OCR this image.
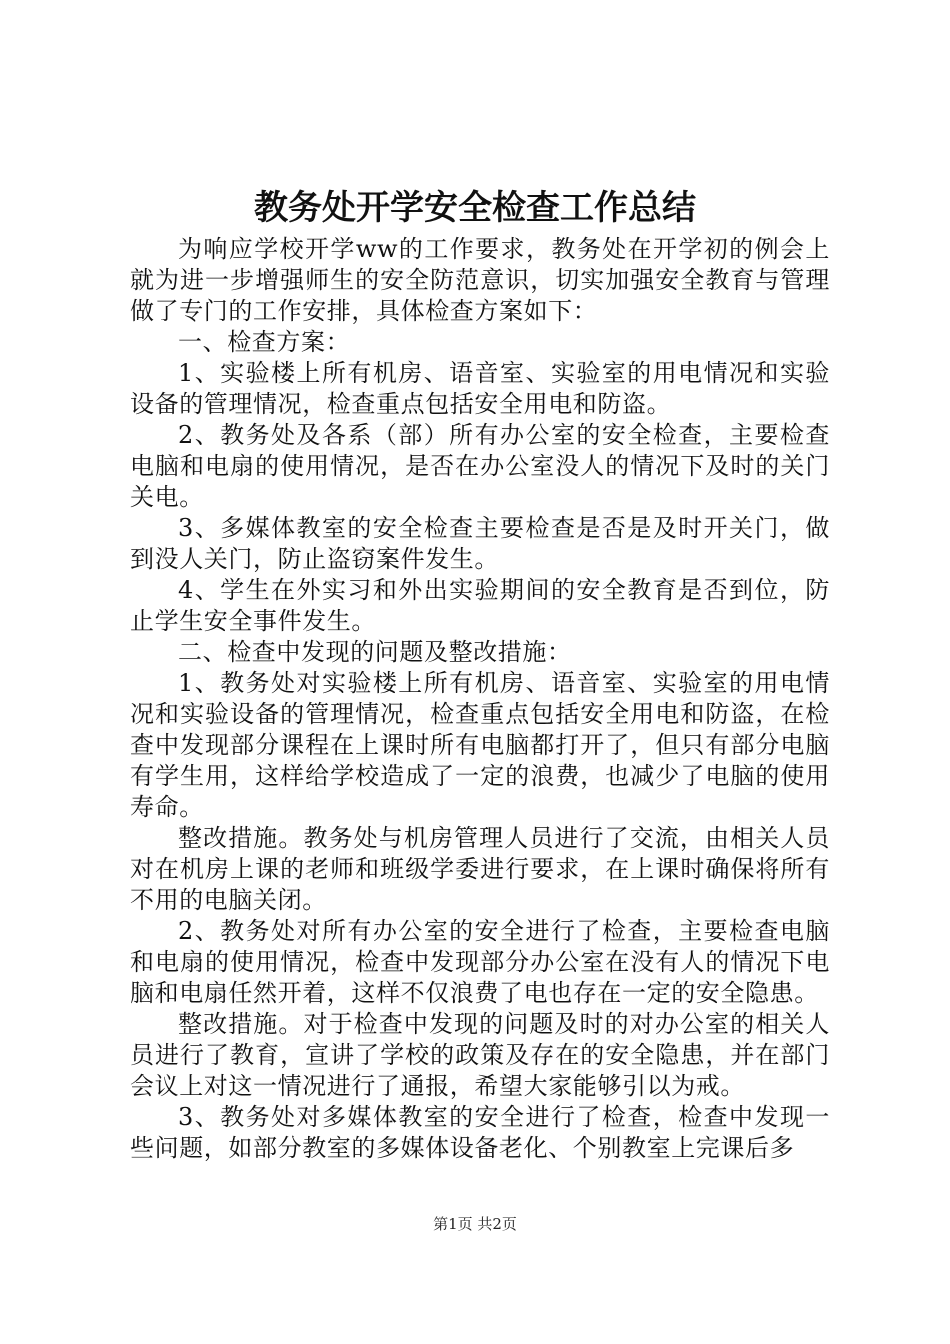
教务处开学安全检查工作总结

为响应学校开学ww的工作要求，教务处在开学初的例会上就为进一步增强师生的安全防范意识，切实加强安全教育与管理做了专门的工作安排，具体检查方案如下：

一、检查方案：

1、实验楼上所有机房、语音室、实验室的用电情况和实验设备的管理情况，检查重点包括安全用电和防盗。

2、教务处及各系（部）所有办公室的安全检查，主要检查电脑和电扇的使用情况，是否在办公室没人的情况下及时的关门关电。

3、多媒体教室的安全检查主要检查是否是及时开关门，做到没人关门，防止盗窃案件发生。

4、学生在外实习和外出实验期间的安全教育是否到位，防止学生安全事件发生。

二、检查中发现的问题及整改措施：

1、教务处对实验楼上所有机房、语音室、实验室的用电情况和实验设备的管理情况，检查重点包括安全用电和防盗，在检查中发现部分课程在上课时所有电脑都打开了，但只有部分电脑有学生用，这样给学校造成了一定的浪费，也减少了电脑的使用寿命。

整改措施。教务处与机房管理人员进行了交流，由相关人员对在机房上课的老师和班级学委进行要求，在上课时确保将所有不用的电脑关闭。

2、教务处对所有办公室的安全进行了检查，主要检查电脑和电扇的使用情况，检查中发现部分办公室在没有人的情况下电脑和电扇任然开着，这样不仅浪费了电也存在一定的安全隐患。

整改措施。对于检查中发现的问题及时的对办公室的相关人员进行了教育，宣讲了学校的政策及存在的安全隐患，并在部门会议上对这一情况进行了通报，希望大家能够引以为戒。

3、教务处对多媒体教室的安全进行了检查，检查中发现一些问题，如部分教室的多媒体设备老化、个别教室上完课后多

第1页 共2页
